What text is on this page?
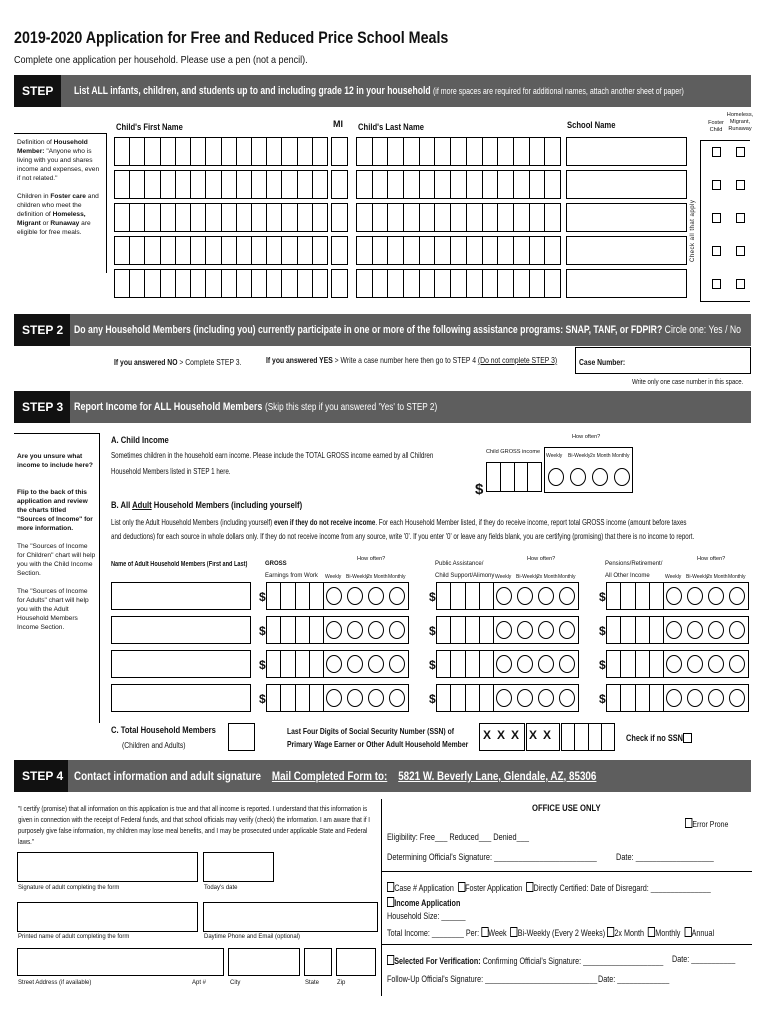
2019-2020 Application for Free and Reduced Price School Meals
Complete one application per household. Please use a pen (not a pencil).
STEP 1
List ALL infants, children, and students up to and including grade 12 in your household (if more spaces are required for additional names, attach another sheet of paper)
Definition of Household Member: "Anyone who is living with you and shares income and expenses, even if not related."

Children in Foster care and children who meet the definition of Homeless, Migrant or Runaway are eligible for free meals.
Child's First Name	MI Child's Last Name	School Name	Foster Child
Homeless, Migrant, Runaway
Check all that apply
STEP 2 Do any Household Members (including you) currently participate in one or more of the following assistance programs: SNAP, TANF, or FDPIR? Circle one: Yes / No
If you answered NO > Complete STEP 3.	If you answered YES > Write a case number here then go to STEP 4 (Do not complete STEP 3)	Case Number:
Write only one case number in this space.
STEP 3 Report Income for ALL Household Members (Skip this step if you answered 'Yes' to STEP 2)
Are you unsure what income to include here?

Flip to the back of this application and review the charts titled "Sources of Income" for more information.

The "Sources of Income for Children" chart will help you with the Child Income Section.

The "Sources of Income for Adults" chart will help you with the Adult Household Members Income Section.
A. Child Income
Sometimes children in the household earn income. Please include the TOTAL GROSS income earned by all Children
Household Members listed in STEP 1 here.
Child GROSS income
How often?
$
Weekly Bi-Weekly 2x Month Monthly
B. All Adult Household Members (including yourself)
List only the Adult Household Members (including yourself) even if they do not receive income. For each Household Member listed, if they do receive income, report total GROSS income (amount before taxes
and deductions) for each source in whole dollars only. If they do not receive income from any source, write '0'. If you enter '0' or leave any fields blank, you are certifying (promising) that there is no income to report.
Name of Adult Household Members (First and Last)	GROSS
Earnings from Work
Public Assistance/
Child Support/Alimony
Pensions/Retirement/
All Other Income
How often?
Weekly Bi-Weekly
2x Month Monthly
How often?
Weekly Bi-Weekly
2x Month Monthly
How often?
Weekly Bi-Weekly
2x Month Monthly
$	$	$
$	$	$
$	$	$
$	$	$
C. Total Household Members
(Children and Adults)
Last Four Digits of Social Security Number (SSN) of
Primary Wage Earner or Other Adult Household Member
X X X X X	Check if no SSN
STEP 4 Contact information and adult signature Mail Completed Form to: 5821 W. Beverly Lane, Glendale, AZ, 85306
"I certify (promise) that all information on this application is true and that all income is reported. I understand that this information is given in connection with the receipt of Federal funds, and that school officials may verify (check) the information. I am aware that if I purposely give false information, my children may lose meal benefits, and I may be prosecuted under applicable State and Federal laws."
Signature of adult completing the form	Today's date
Printed name of adult completing the form	Daytime Phone and Email (optional)
Street Address (if available)	Apt #	City	State	Zip
OFFICE USE ONLY
Error Prone
Eligibility: Free___ Reduced___ Denied___
Determining Official's Signature: _________________________ Date: ___________________
Case # Application Foster Application Directly Certified: Date of Disregard: _______________
Income Application
Household Size: ______
Total Income: ________ Per: Week Bi-Weekly (Every 2 Weeks) 2x Month Monthly Annual
Selected For Verification: Confirming Official's Signature: ____________________ Date: ___________
Follow-Up Official's Signature: ____________________________ Date: _____________
